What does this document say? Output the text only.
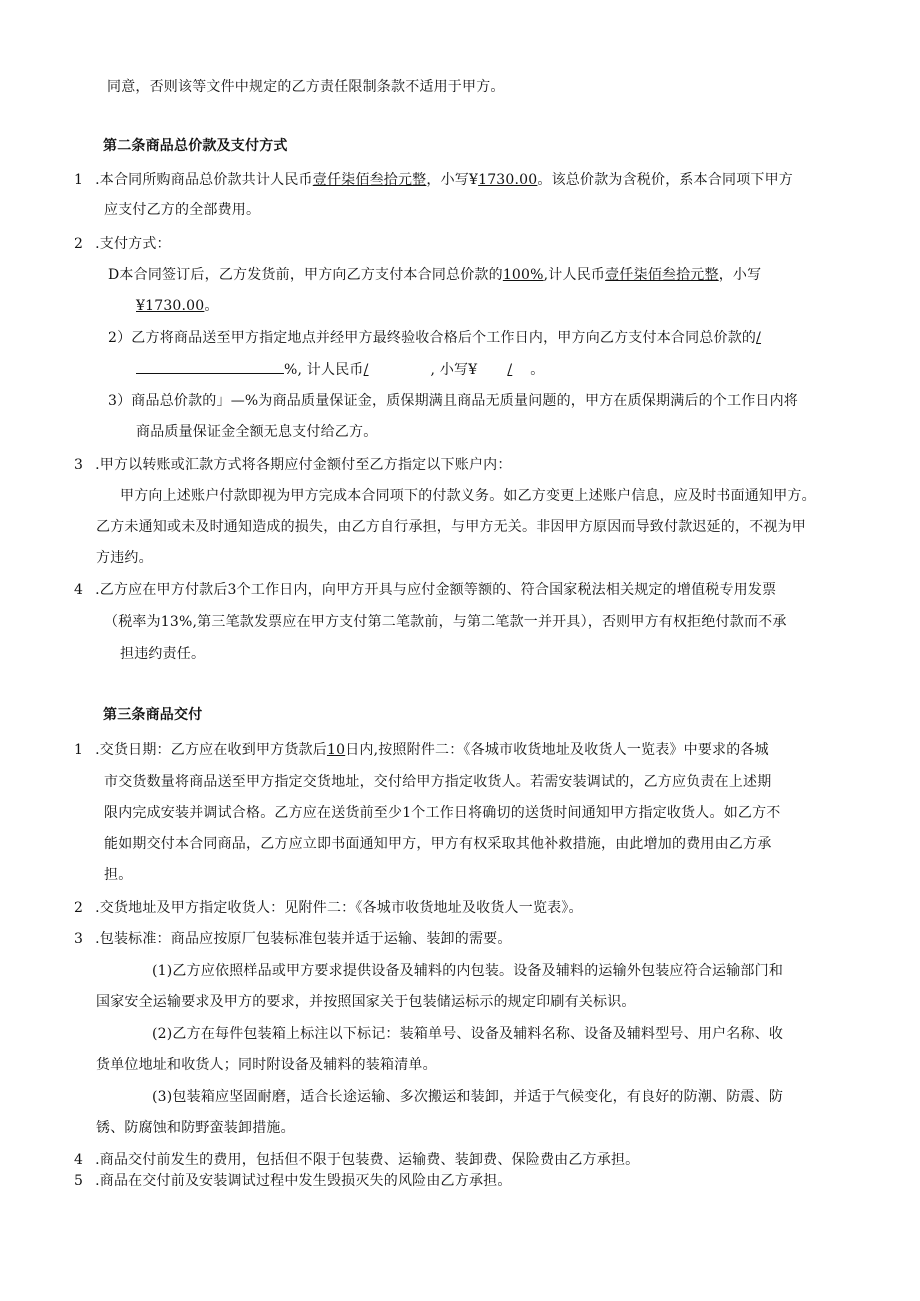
同意，否则该等文件中规定的乙方责任限制条款不适用于甲方。
第二条商品总价款及支付方式
1 .本合同所购商品总价款共计人民币壹仟柒佰叁拾元整，小写¥1730.00。该总价款为含税价，系本合同项下甲方
应支付乙方的全部费用。
2 .支付方式：
D本合同签订后，乙方发货前，甲方向乙方支付本合同总价款的100%,计人民币壹仟柒佰叁拾元整，小写
¥1730.00。
2）乙方将商品送至甲方指定地点并经甲方最终验收合格后个工作日内，甲方向乙方支付本合同总价款的/
%, 计人民币/	, 小写¥ / 。
3）商品总价款的」—%为商品质量保证金，质保期满且商品无质量问题的，甲方在质保期满后的个工作日内将
商品质量保证金全额无息支付给乙方。
3 .甲方以转账或汇款方式将各期应付金额付至乙方指定以下账户内：
甲方向上述账户付款即视为甲方完成本合同项下的付款义务。如乙方变更上述账户信息，应及时书面通知甲方。
乙方未通知或未及时通知造成的损失，由乙方自行承担，与甲方无关。非因甲方原因而导致付款迟延的，不视为甲
方违约。
4 .乙方应在甲方付款后3个工作日内，向甲方开具与应付金额等额的、符合国家税法相关规定的增值税专用发票
（税率为13%,第三笔款发票应在甲方支付第二笔款前，与第二笔款一并开具），否则甲方有权拒绝付款而不承
担违约责任。
第三条商品交付
1 .交货日期：乙方应在收到甲方货款后10日内,按照附件二：《各城市收货地址及收货人一览表》中要求的各城
市交货数量将商品送至甲方指定交货地址，交付给甲方指定收货人。若需安装调试的，乙方应负责在上述期
限内完成安装并调试合格。乙方应在送货前至少1个工作日将确切的送货时间通知甲方指定收货人。如乙方不
能如期交付本合同商品，乙方应立即书面通知甲方，甲方有权采取其他补救措施，由此增加的费用由乙方承
担。
2 .交货地址及甲方指定收货人：见附件二：《各城市收货地址及收货人一览表》。
3 .包装标准：商品应按原厂包装标准包装并适于运输、装卸的需要。
(1)乙方应依照样品或甲方要求提供设备及辅料的内包装。设备及辅料的运输外包装应符合运输部门和
国家安全运输要求及甲方的要求，并按照国家关于包装储运标示的规定印刷有关标识。
(2)乙方在每件包装箱上标注以下标记：装箱单号、设备及辅料名称、设备及辅料型号、用户名称、收
货单位地址和收货人；同时附设备及辅料的装箱清单。
(3)包装箱应坚固耐磨，适合长途运输、多次搬运和装卸，并适于气候变化，有良好的防潮、防震、防
锈、防腐蚀和防野蛮装卸措施。
4 .商品交付前发生的费用，包括但不限于包装费、运输费、装卸费、保险费由乙方承担。
5 .商品在交付前及安装调试过程中发生毁损灭失的风险由乙方承担。
